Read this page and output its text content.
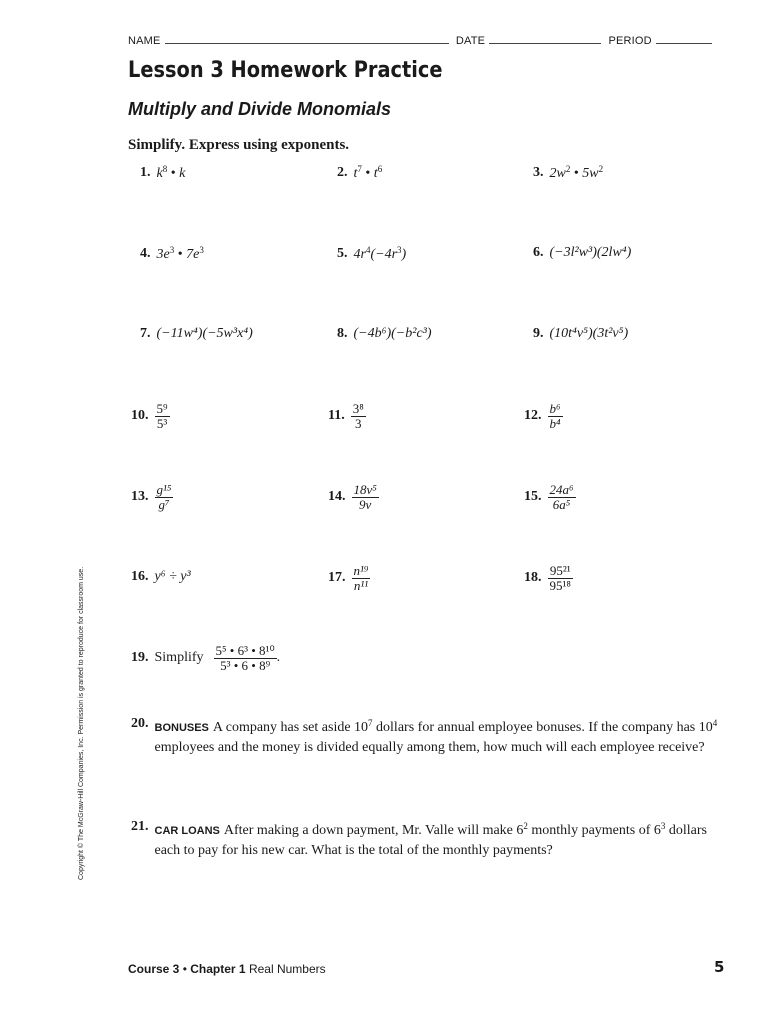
NAME	DATE	PERIOD
Lesson 3 Homework Practice
Multiply and Divide Monomials
Simplify. Express using exponents.
1. $k^8$ • k	2. $t^7$ • $t^6$	3. $2w^2$ • $5w^2$
4. $3e^3$ • $7e^3$	5. $4r^4(-4r^3)$	6. (−3l²w³)(2lw⁴)
7. (−11w⁴)(−5w³x⁴)	8. (−4b⁶)(−b²c³)	9. (10t⁴v⁵)(3t²v⁵)
10. $\frac{\text{5⁹}}{\text{5³}}$	11. $\frac{\text{3⁸}}{3}$	12. $\frac{\text{b⁶}}{\text{b⁴}}$
13. $\frac{\text{g¹⁵}}{\text{g⁷}}$	14. $\frac{\text{18v⁵}}{9v}$	15. $\frac{\text{24a⁶}}{\text{6a⁵}}$
16. y⁶ ÷ y³	17. $\frac{\text{n¹⁹}}{\text{n¹¹}}$	18. $\frac{\text{95²¹}}{\text{95¹⁸}}$
19. Simplify $\frac{\text{5⁵ • 6³ • 8¹⁰}}{\text{5³ • 6 • 8⁹}}$ .
20. BONUSES A company has set aside $10^7$ dollars for annual employee bonuses. If the company has $10^4$ employees and the money is divided equally among them, how much will each employee receive?
21. CAR LOANS After making a down payment, Mr. Valle will make $6^2$ monthly payments of $6^3$ dollars each to pay for his new car. What is the total of the monthly payments?
Copyright © The McGraw-Hill Companies, Inc. Permission is granted to reproduce for classroom use.
Course 3 • Chapter 1 Real Numbers	5
